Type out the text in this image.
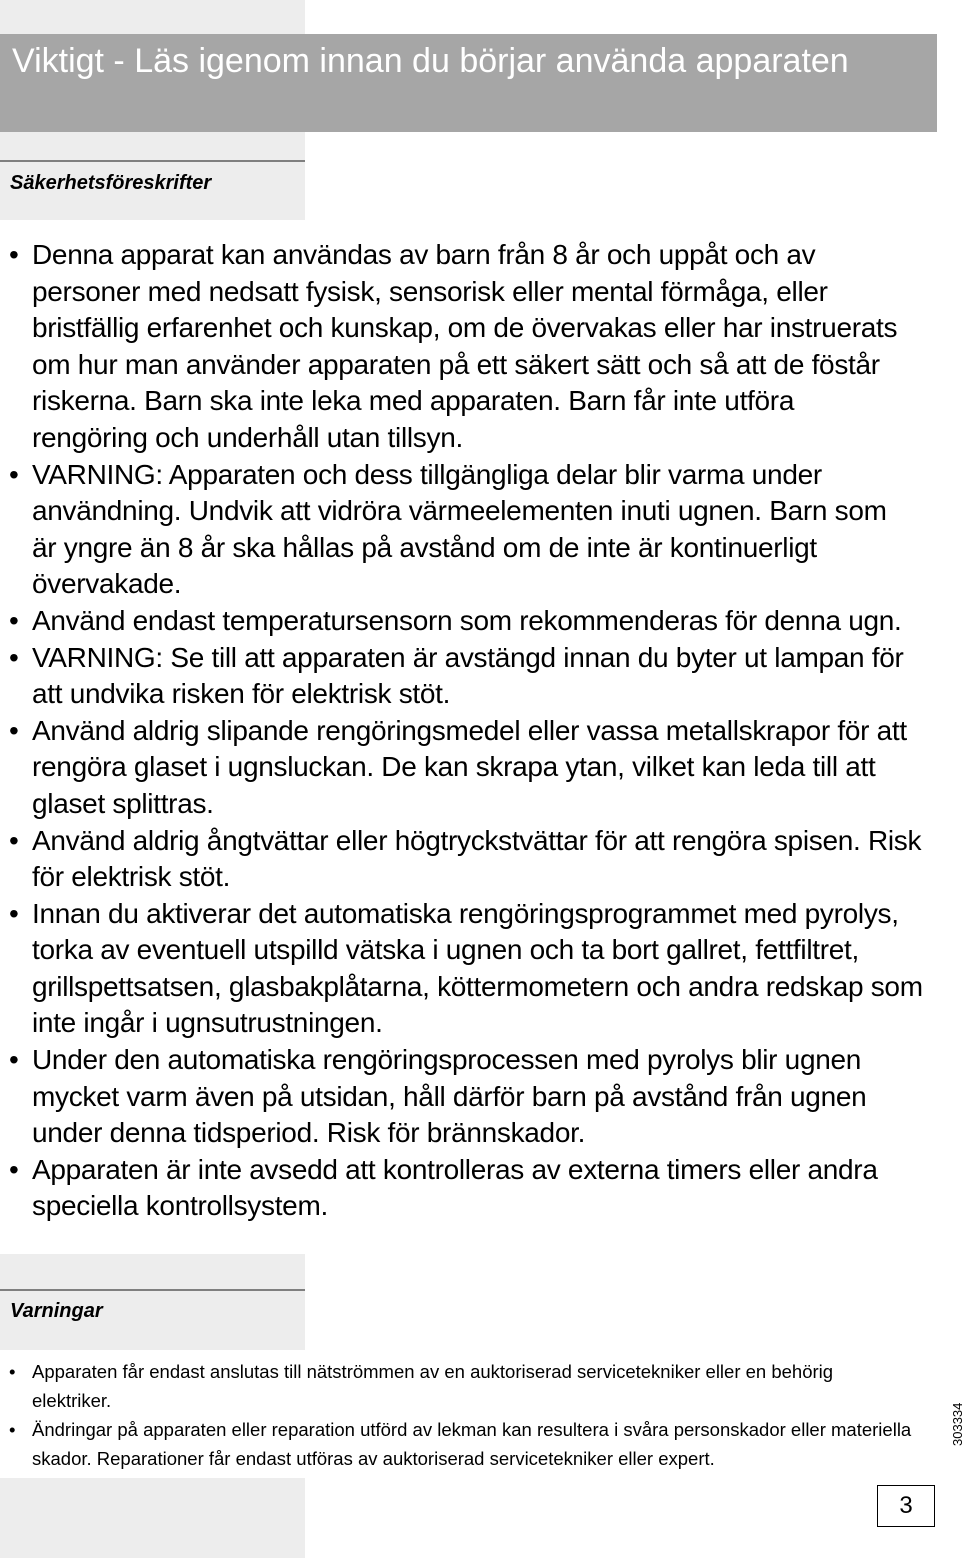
Viktigt - Läs igenom innan du börjar använda apparaten
Säkerhetsföreskrifter
• Denna apparat kan användas av barn från 8 år och uppåt och av personer med nedsatt fysisk, sensorisk eller mental förmåga, eller bristfällig erfarenhet och kunskap, om de övervakas eller har instruerats om hur man använder apparaten på ett säkert sätt och så att de föstår riskerna. Barn ska inte leka med apparaten. Barn får inte utföra rengöring och underhåll utan tillsyn.
• VARNING: Apparaten och dess tillgängliga delar blir varma under användning. Undvik att vidröra värmeelementen inuti ugnen. Barn som är yngre än 8 år ska hållas på avstånd om de inte är kontinuerligt övervakade.
• Använd endast temperatursensorn som rekommenderas för denna ugn.
• VARNING: Se till att apparaten är avstängd innan du byter ut lampan för att undvika risken för elektrisk stöt.
• Använd aldrig slipande rengöringsmedel eller vassa metallskrapor för att rengöra glaset i ugnsluckan. De kan skrapa ytan, vilket kan leda till att glaset splittras.
• Använd aldrig ångtvättar eller högtryckstvättar för att rengöra spisen. Risk för elektrisk stöt.
• Innan du aktiverar det automatiska rengöringsprogrammet med pyrolys, torka av eventuell utspilld vätska i ugnen och ta bort gallret, fettfiltret, grillspettsatsen, glasbakplåtarna, köttermometern och andra redskap som inte ingår i ugnsutrustningen.
• Under den automatiska rengöringsprocessen med pyrolys blir ugnen mycket varm även på utsidan, håll därför barn på avstånd från ugnen under denna tidsperiod. Risk för brännskador.
• Apparaten är inte avsedd att kontrolleras av externa timers eller andra speciella kontrollsystem.
Varningar
• Apparaten får endast anslutas till nätströmmen av en auktoriserad servicetekniker eller en behörig elektriker.
• Ändringar på apparaten eller reparation utförd av lekman kan resultera i svåra personskador eller materiella skador. Reparationer får endast utföras av auktoriserad servicetekniker eller expert.
303334
3
